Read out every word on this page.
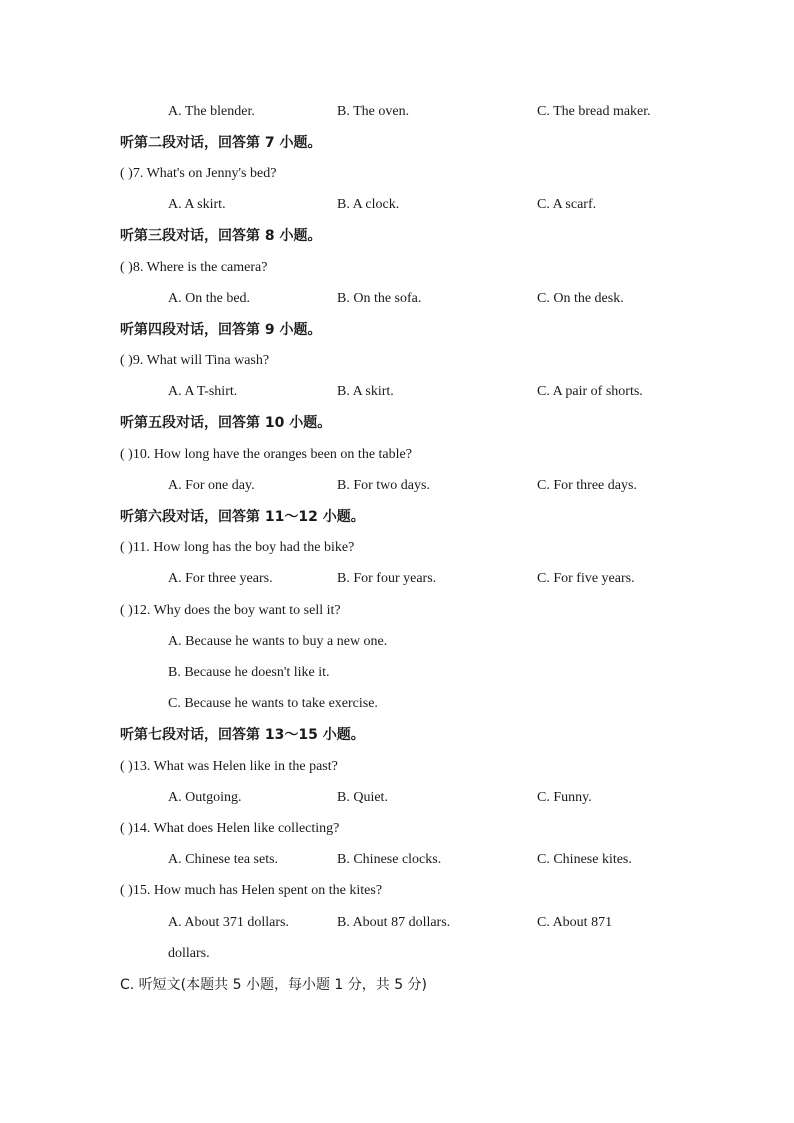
A. The blender.	B. The oven.	C. The bread maker.
听第二段对话，回答第 7 小题。
( )7. What's on Jenny's bed?
A. A skirt.	B. A clock.	C. A scarf.
听第三段对话，回答第 8 小题。
( )8. Where is the camera?
A. On the bed.	B. On the sofa.	C. On the desk.
听第四段对话，回答第 9 小题。
( )9. What will Tina wash?
A. A T-shirt.	B. A skirt.	C. A pair of shorts.
听第五段对话，回答第 10 小题。
( )10. How long have the oranges been on the table?
A. For one day.	B. For two days.	C. For three days.
听第六段对话，回答第 11～12 小题。
( )11. How long has the boy had the bike?
A. For three years.	B. For four years.	C. For five years.
( )12. Why does the boy want to sell it?
A. Because he wants to buy a new one.
B. Because he doesn't like it.
C. Because he wants to take exercise.
听第七段对话，回答第 13～15 小题。
( )13. What was Helen like in the past?
A. Outgoing.	B. Quiet.	C. Funny.
( )14. What does Helen like collecting?
A. Chinese tea sets.	B. Chinese clocks.	C. Chinese kites.
( )15. How much has Helen spent on the kites?
A. About 371 dollars.	B. About 87 dollars.	C. About 871
dollars.
C. 听短文(本题共 5 小题，每小题 1 分，共 5 分)
